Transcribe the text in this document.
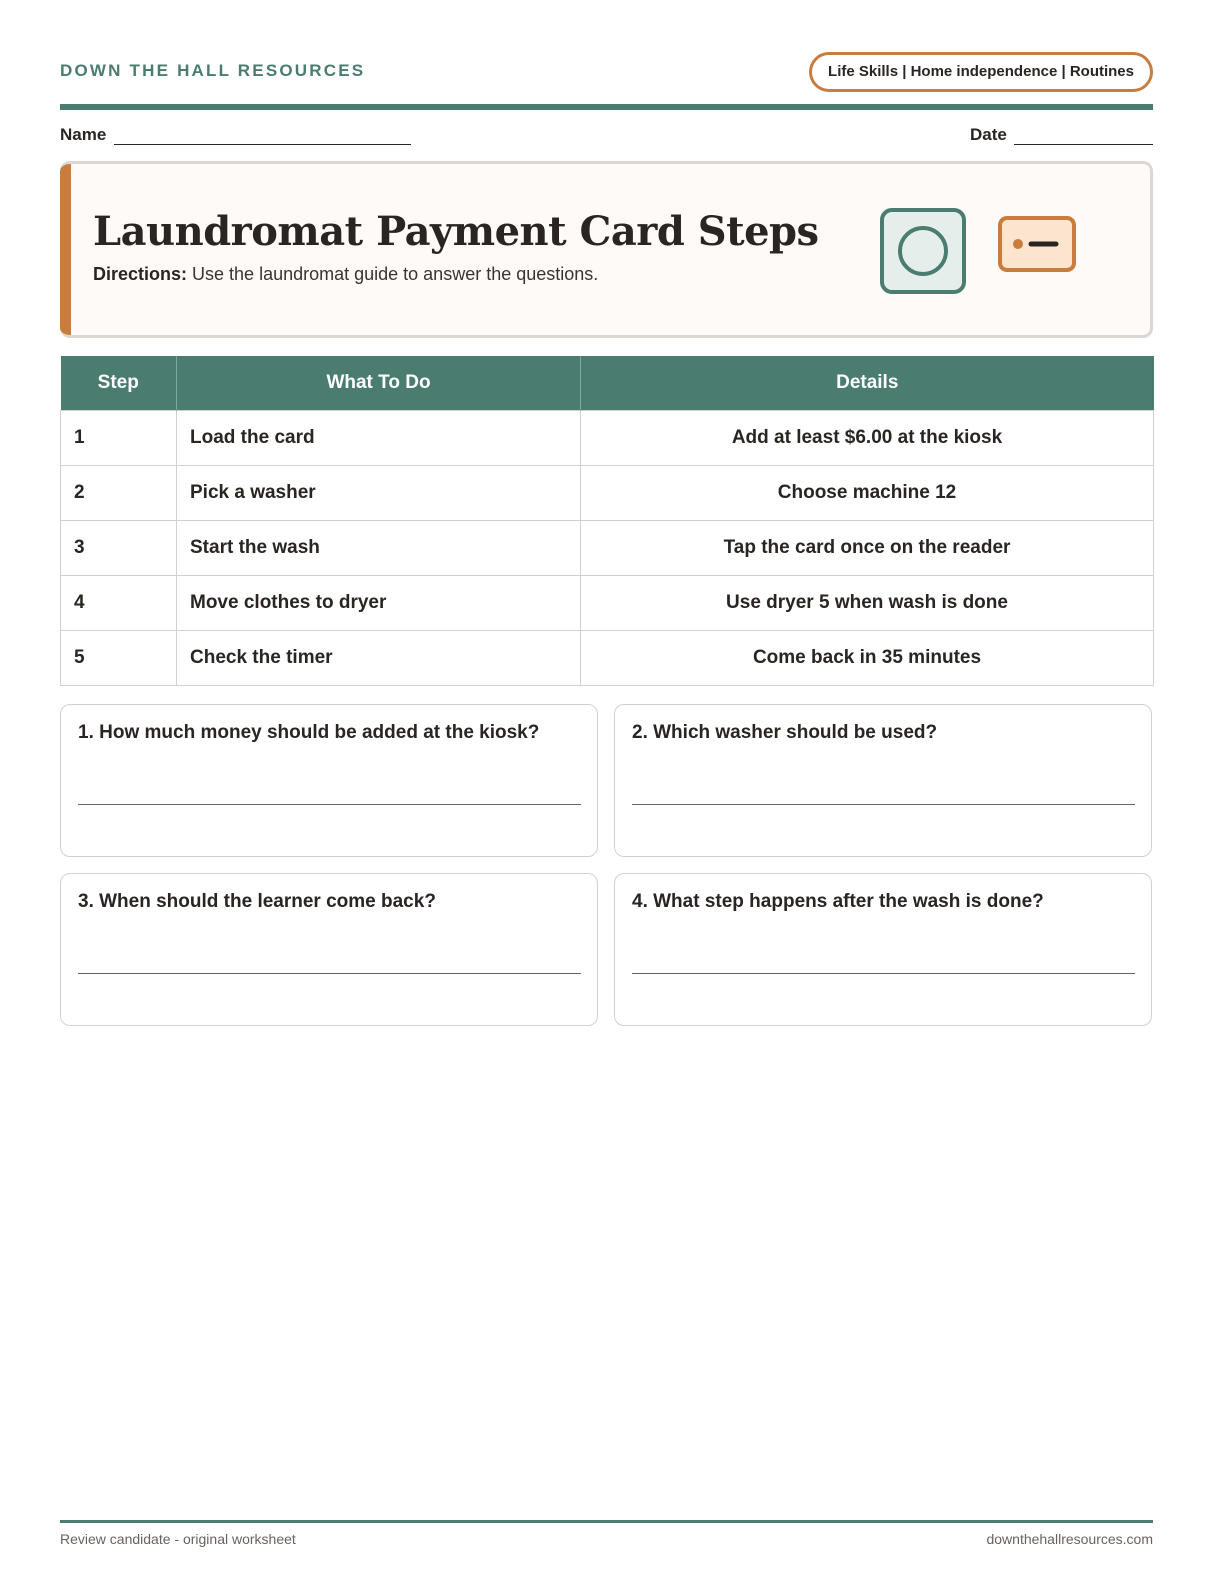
DOWN THE HALL RESOURCES	Life Skills | Home independence | Routines
Name	Date
Laundromat Payment Card Steps
Directions: Use the laundromat guide to answer the questions.
Step	What To Do	Details
1	Load the card	Add at least $6.00 at the kiosk
2	Pick a washer	Choose machine 12
3	Start the wash	Tap the card once on the reader
4	Move clothes to dryer	Use dryer 5 when wash is done
5	Check the timer	Come back in 35 minutes
1. How much money should be added at the kiosk?	2. Which washer should be used?
3. When should the learner come back?	4. What step happens after the wash is done?
Review candidate - original worksheet	downthehallresources.com
